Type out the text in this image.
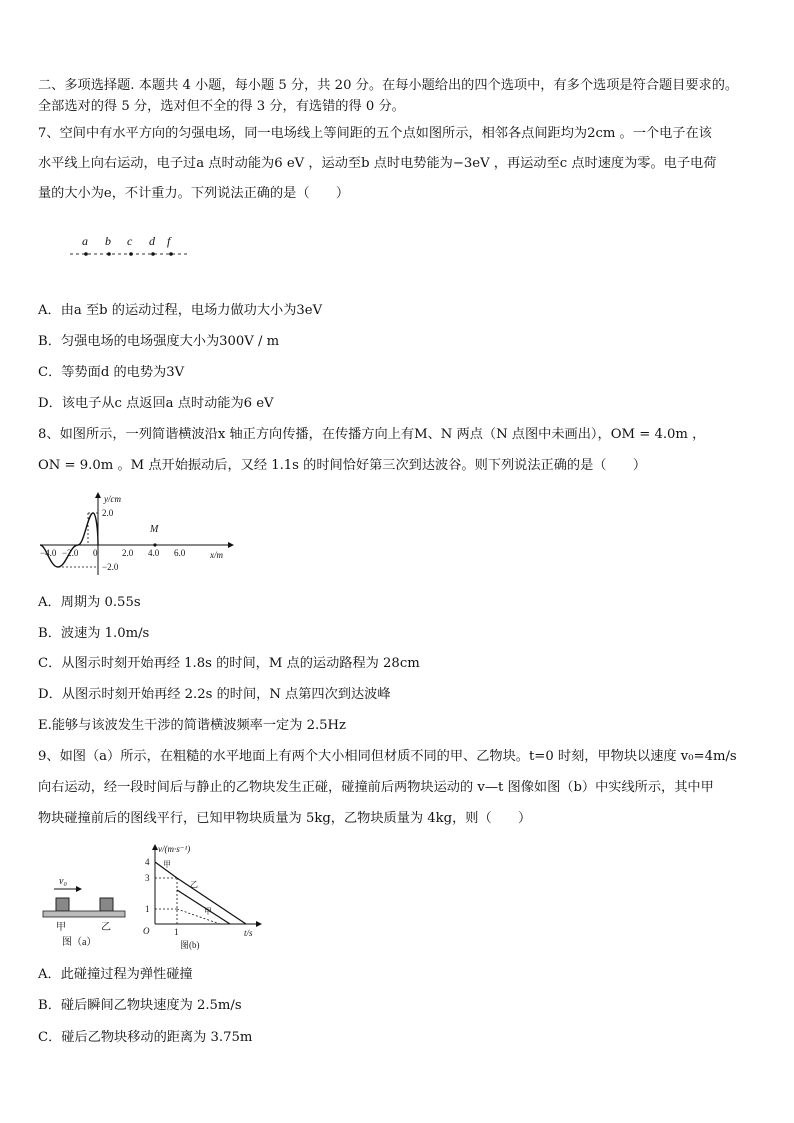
二、多项选择题. 本题共 4 小题，每小题 5 分，共 20 分。在每小题给出的四个选项中，有多个选项是符合题目要求的。
全部选对的得 5 分，选对但不全的得 3 分，有选错的得 0 分。
7、空间中有水平方向的匀强电场，同一电场线上等间距的五个点如图所示，相邻各点间距均为2cm 。一个电子在该
水平线上向右运动，电子过a 点时动能为6 eV ，运动至b 点时电势能为−3eV ，再运动至c 点时速度为零。电子电荷
量的大小为e，不计重力。下列说法正确的是（　　）
a b c d f
A．由a 至b 的运动过程，电场力做功大小为3eV
B．匀强电场的电场强度大小为300V / m
C．等势面d 的电势为3V
D．该电子从c 点返回a 点时动能为6 eV
8、如图所示，一列简谐横波沿x 轴正方向传播，在传播方向上有M、N 两点（N 点图中未画出），OM = 4.0m ，
ON = 9.0m 。M 点开始振动后，又经 1.1s 的时间恰好第三次到达波谷。则下列说法正确的是（　　）
y/cm
x/m
2.0
−2.0
−4.0 −2.0 0	2.0 4.0 6.0
M
A．周期为 0.55s
B．波速为 1.0m/s
C．从图示时刻开始再经 1.8s 的时间，M 点的运动路程为 28cm
D．从图示时刻开始再经 2.2s 的时间，N 点第四次到达波峰
E.能够与该波发生干涉的简谐横波频率一定为 2.5Hz
9、如图（a）所示，在粗糙的水平地面上有两个大小相同但材质不同的甲、乙物块。t=0 时刻，甲物块以速度 v₀=4m/s
向右运动，经一段时间后与静止的乙物块发生正碰，碰撞前后两物块运动的 v—t 图像如图（b）中实线所示，其中甲
物块碰撞前后的图线平行，已知甲物块质量为 5kg，乙物块质量为 4kg，则（　　）
v₀
甲	乙
图（a）
v/(m·s⁻¹)
t/s
4
3
1
O	1
甲
乙
甲
图(b)
A．此碰撞过程为弹性碰撞
B．碰后瞬间乙物块速度为 2.5m/s
C．碰后乙物块移动的距离为 3.75m
